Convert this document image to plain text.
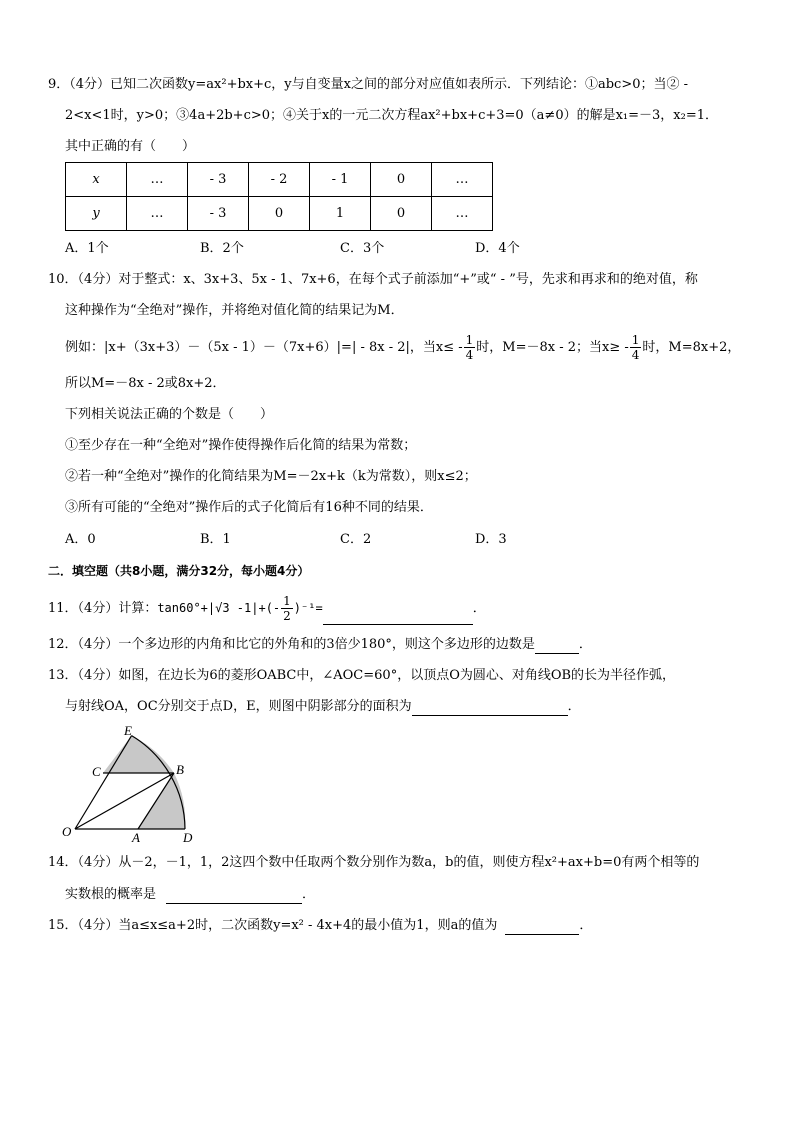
9．（4分）已知二次函数y=ax²+bx+c，y与自变量x之间的部分对应值如表所示．下列结论：①abc>0；当② -
2<x<1时，y>0；③4a+2b+c>0；④关于x的一元二次方程ax²+bx+c+3=0（a≠0）的解是x₁=－3，x₂=1．
其中正确的有（　　）
x	…	- 3	- 2	- 1	0	…
y	…	- 3	0	1	0	…
A．1个	B．2个	C．3个	D．4个
10．（4分）对于整式：x、3x+3、5x - 1、7x+6，在每个式子前添加“+”或“ - ”号，先求和再求和的绝对值，称
这种操作为“全绝对”操作，并将绝对值化简的结果记为M．
例如：|x+（3x+3）－（5x - 1）－（7x+6）|=| - 8x - 2|，当$x\le - \frac{1}{4}$ 时，M=－8x - 2；当$x\ge - \frac{1}{4}$ 时，M=8x+2，
所以M=－8x - 2或8x+2．
下列相关说法正确的个数是（　　）
①至少存在一种“全绝对”操作使得操作后化简的结果为常数；
②若一种“全绝对”操作的化简结果为M=－2x+k（k为常数），则x≤2；
③所有可能的“全绝对”操作后的式子化简后有16种不同的结果．
A．0	B．1	C．2	D．3
二．填空题（共8小题，满分32分，每小题4分）
11．（4分）计算：tan60°+|√3 $-1|+(- \frac{1}{2} )^{-1}=$	．
12．（4分）一个多边形的内角和比它的外角和的3倍少180°，则这个多边形的边数是	．
13．（4分）如图，在边长为6的菱形OABC中，∠AOC=60°，以顶点O为圆心、对角线OB的长为半径作弧，
与射线OA，OC分别交于点D，E，则图中阴影部分的面积为	．
O	A
B
C
D
E
14．（4分）从－2，－1，1，2这四个数中任取两个数分别作为数a，b的值，则使方程x²+ax+b=0有两个相等的
实数根的概率是	．
15．（4分）当a≤x≤a+2时，二次函数y=x² - 4x+4的最小值为1，则a的值为	．
